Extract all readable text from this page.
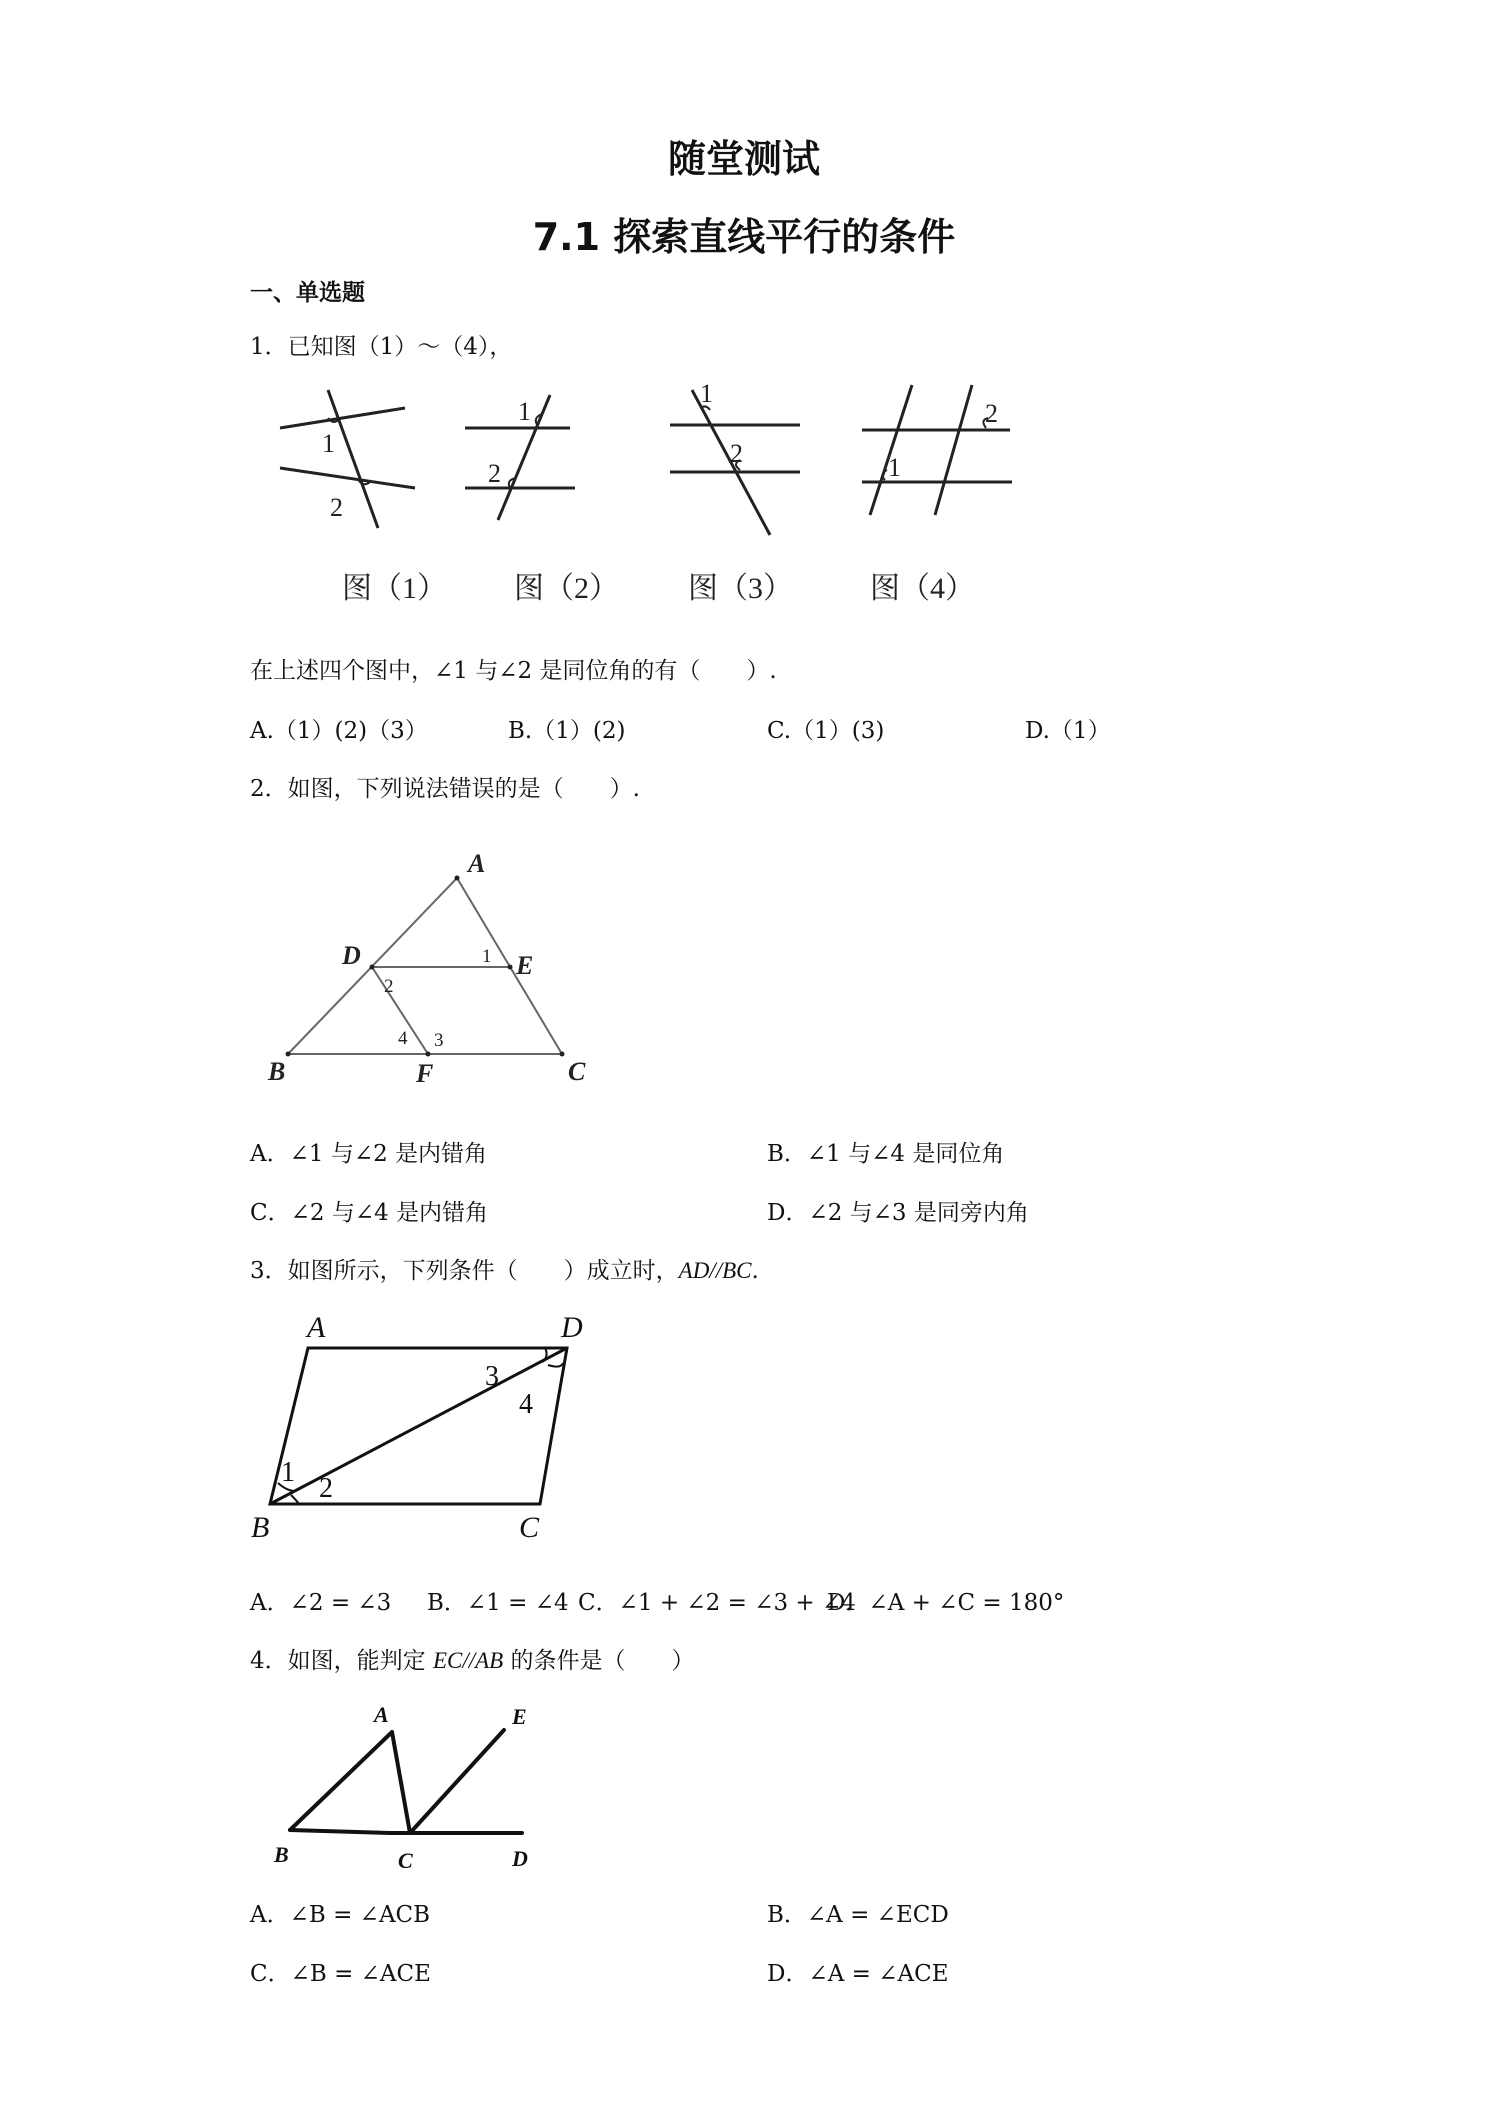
随堂测试
7.1 探索直线平行的条件
一、单选题
1．已知图（1）～（4），
1
2
1
2
1
2
2
1
图（1） 图（2） 图（3）	图（4）
在上述四个图中，∠1 与∠2 是同位角的有（　　）.
A.（1）(2)（3）	B.（1）(2)	C.（1）(3)	D.（1）
2．如图，下列说法错误的是（　　）.
A
D	E
B	F	C
1
2
3
4
A．∠1 与∠2 是内错角	B．∠1 与∠4 是同位角
C．∠2 与∠4 是内错角	D．∠2 与∠3 是同旁内角
3．如图所示，下列条件（　　）成立时，AD//BC.
1
2
3
4
A	D
B	C
A．∠2 = ∠3 B．∠1 = ∠4 C．∠1 + ∠2 = ∠3 + ∠4
D．∠A + ∠C = 180°
4．如图，能判定 EC//AB 的条件是（　　）
A	E
B	C	D
A．∠B = ∠ACB	B．∠A = ∠ECD
C．∠B = ∠ACE	D．∠A = ∠ACE
